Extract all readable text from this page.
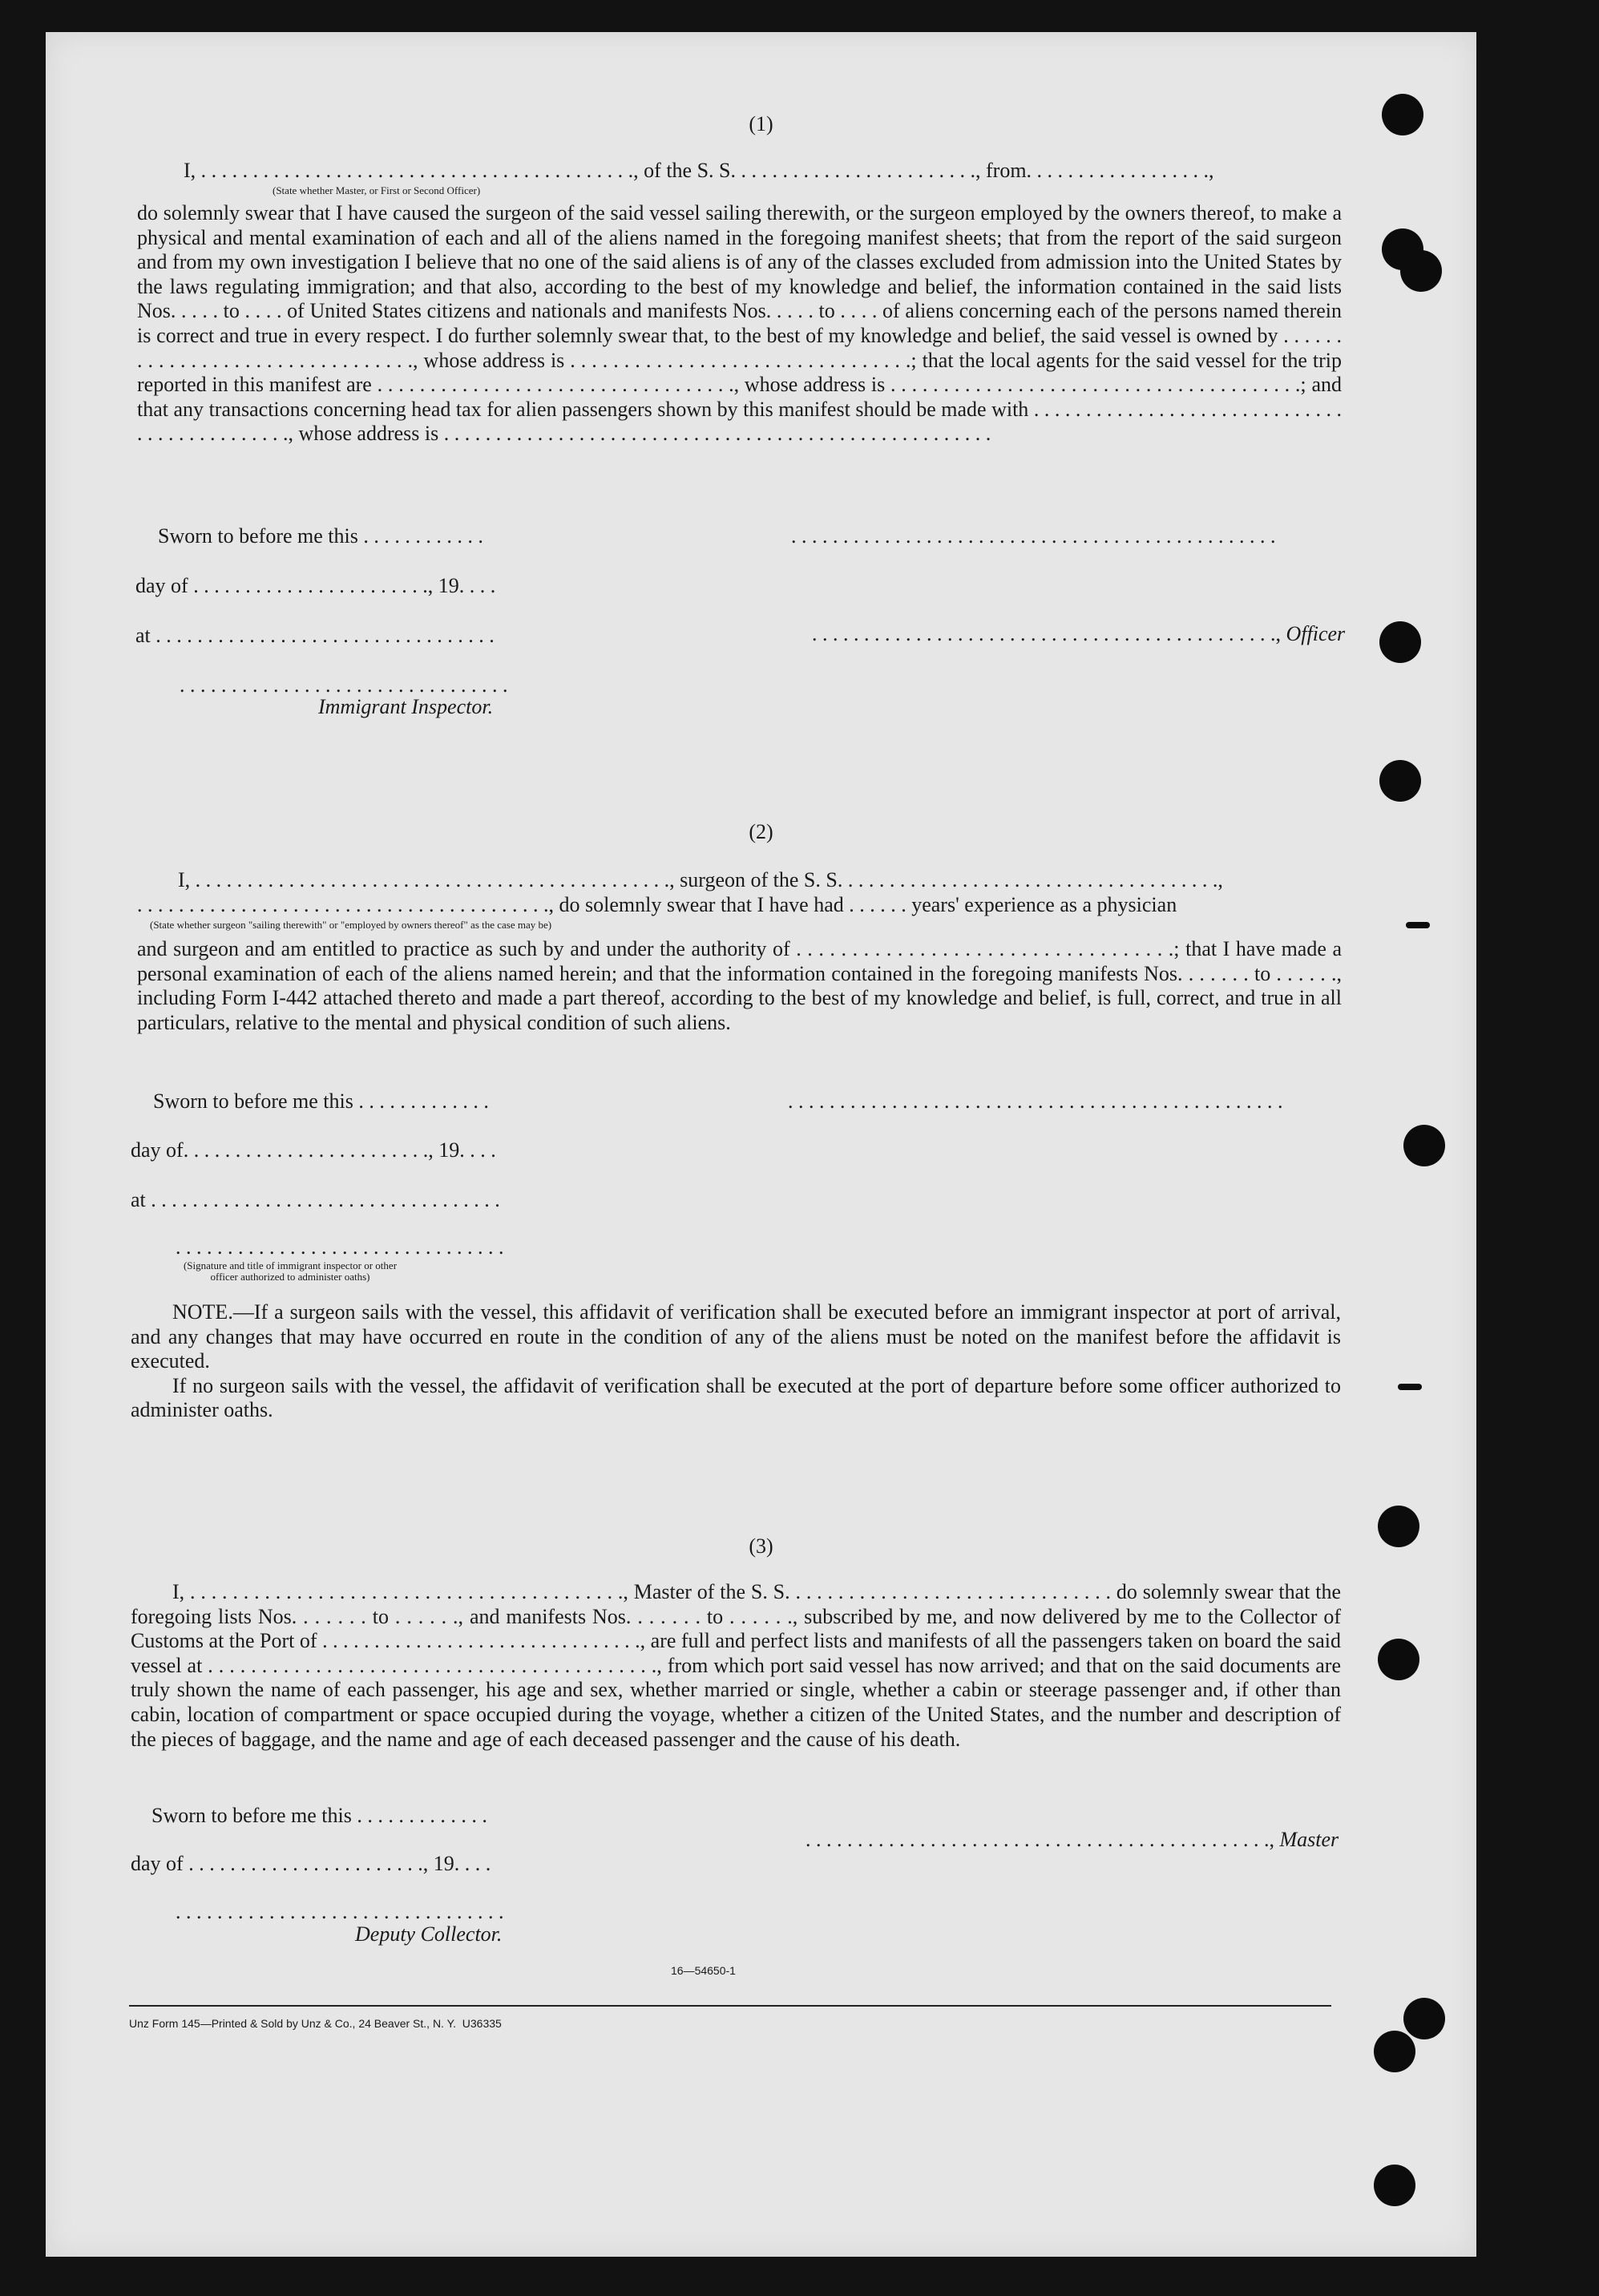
(1)
I, . . . . . . . . . . . . . . . . . . . . . . . . . . . . . . . . . . . . . . . . . ., of the S. S. . . . . . . . . . . . . . . . . . . . . . . ., from. . . . . . . . . . . . . . . . . .,
(State whether Master, or First or Second Officer)
do solemnly swear that I have caused the surgeon of the said vessel sailing therewith, or the surgeon employed by the owners thereof, to make a physical and mental examination of each and all of the aliens named in the foregoing manifest sheets; that from the report of the said surgeon and from my own investigation I believe that no one of the said aliens is of any of the classes excluded from admission into the United States by the laws regulating immigration; and that also, according to the best of my knowledge and belief, the information contained in the said lists Nos. . . . . to . . . . of United States citizens and nationals and manifests Nos. . . . . to . . . . of aliens concerning each of the persons named therein is correct and true in every respect. I do further solemnly swear that, to the best of my knowledge and belief, the said vessel is owned by . . . . . . . . . . . . . . . . . . . . . . . . . . . . . . . ., whose address is . . . . . . . . . . . . . . . . . . . . . . . . . . . . . . . .; that the local agents for the said vessel for the trip reported in this manifest are . . . . . . . . . . . . . . . . . . . . . . . . . . . . . . . . . ., whose address is . . . . . . . . . . . . . . . . . . . . . . . . . . . . . . . . . . . . . . .; and that any transactions concerning head tax for alien passengers shown by this manifest should be made with . . . . . . . . . . . . . . . . . . . . . . . . . . . . . . . . . . . . . . . . . . . . ., whose address is . . . . . . . . . . . . . . . . . . . . . . . . . . . . . . . . . . . . . . . . . . . . . . . . . . . . .
Sworn to before me this . . . . . . . . . . . .	. . . . . . . . . . . . . . . . . . . . . . . . . . . . . . . . . . . . . . . . . . . . . . .
day of . . . . . . . . . . . . . . . . . . . . . . ., 19. . . .

. . . . . . . . . . . . . . . . . . . . . . . . . . . . . . . . . . . . . . . . . . . . ., Officer

at . . . . . . . . . . . . . . . . . . . . . . . . . . . . . . . . .
. . . . . . . . . . . . . . . . . . . . . . . . . . . . . . . .
Immigrant Inspector.
(2)
I, . . . . . . . . . . . . . . . . . . . . . . . . . . . . . . . . . . . . . . . . . . . . . ., surgeon of the S. S. . . . . . . . . . . . . . . . . . . . . . . . . . . . . . . . . . . . .,
. . . . . . . . . . . . . . . . . . . . . . . . . . . . . . . . . . . . . . . ., do solemnly swear that I have had . . . . . . years' experience as a physician
(State whether surgeon "sailing therewith" or "employed by owners thereof" as the case may be)
and surgeon and am entitled to practice as such by and under the authority of . . . . . . . . . . . . . . . . . . . . . . . . . . . . . . . . . .; that I have made a personal examination of each of the aliens named herein; and that the information contained in the foregoing manifests Nos. . . . . . . to . . . . . ., including Form I-442 attached thereto and made a part thereof, according to the best of my knowledge and belief, is full, correct, and true in all particulars, relative to the mental and physical condition of such aliens.
Sworn to before me this . . . . . . . . . . . . .	. . . . . . . . . . . . . . . . . . . . . . . . . . . . . . . . . . . . . . . . . . . . . . . .
day of. . . . . . . . . . . . . . . . . . . . . . . ., 19. . . .
at . . . . . . . . . . . . . . . . . . . . . . . . . . . . . . . . . .
. . . . . . . . . . . . . . . . . . . . . . . . . . . . . . . .
(Signature and title of immigrant inspector or other officer authorized to administer oaths)
NOTE.—If a surgeon sails with the vessel, this affidavit of verification shall be executed before an immigrant inspector at port of arrival, and any changes that may have occurred en route in the condition of any of the aliens must be noted on the manifest before the affidavit is executed.
If no surgeon sails with the vessel, the affidavit of verification shall be executed at the port of departure before some officer authorized to administer oaths.
(3)
I, . . . . . . . . . . . . . . . . . . . . . . . . . . . . . . . . . . . . . . . . ., Master of the S. S. . . . . . . . . . . . . . . . . . . . . . . . . . . . . . . do solemnly swear that the foregoing lists Nos. . . . . . . to . . . . . ., and manifests Nos. . . . . . . to . . . . . ., subscribed by me, and now delivered by me to the Collector of Customs at the Port of . . . . . . . . . . . . . . . . . . . . . . . . . . . . . . ., are full and perfect lists and manifests of all the passengers taken on board the said vessel at . . . . . . . . . . . . . . . . . . . . . . . . . . . . . . . . . . . . . . . . . ., from which port said vessel has now arrived; and that on the said documents are truly shown the name of each passenger, his age and sex, whether married or single, whether a cabin or steerage passenger and, if other than cabin, location of compartment or space occupied during the voyage, whether a citizen of the United States, and the number and description of the pieces of baggage, and the name and age of each deceased passenger and the cause of his death.
Sworn to before me this . . . . . . . . . . . . .

. . . . . . . . . . . . . . . . . . . . . . . . . . . . . . . . . . . . . . . . . . . . ., Master

day of . . . . . . . . . . . . . . . . . . . . . . ., 19. . . .
. . . . . . . . . . . . . . . . . . . . . . . . . . . . . . . .
Deputy Collector.
16—54650-1
Unz Form 145—Printed & Sold by Unz & Co., 24 Beaver St., N. Y.  U36335
